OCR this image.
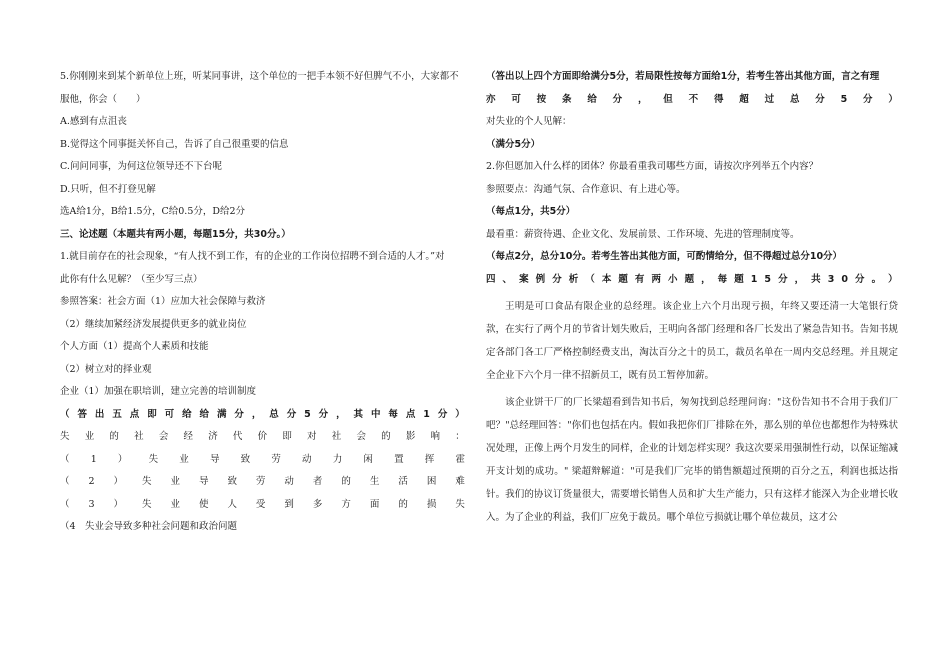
5.你刚刚来到某个新单位上班，听某同事讲，这个单位的一把手本领不好但脾气不小，大家都不

服他，你会（　　）

A.感到有点沮丧

B.觉得这个同事挺关怀自己，告诉了自己很重要的信息

C.问问同事，为何这位领导还不下台呢

D.只听，但不打登见解

选A给1分，B给1.5分，C给0.5分，D给2分

三、论述题（本题共有两小题，每题15分，共30分。）

1.就目前存在的社会现象，“有人找不到工作，有的企业的工作岗位招聘不到合适的人才。”对

此你有什么见解？（至少写三点）

参照答案：社会方面（1）应加大社会保障与救济

（2）继续加紧经济发展提供更多的就业岗位

个人方面（1）提高个人素质和技能

（2）树立对的择业观

企业（1）加强在职培训，建立完善的培训制度

（ 答 出 五 点 即 可 给 给 满 分 ， 总 分 5 分 ， 其 中 每 点 1 分 ）

失 业 的 社 会 经 济 代 价 即 对 社 会 的 影 响 ：

（ 1 ） 失 业 导 致 劳 动 力 闲 置 挥 霍

（ 2 ） 失 业 导 致 劳 动 者 的 生 活 困 难

（ 3 ） 失 业 使 人 受 到 多 方 面 的 损 失

（4　失业会导致多种社会问题和政治问题

（答出以上四个方面即给满分5分，若局限性按每方面给1分，若考生答出其他方面，言之有理

亦 可 按 条 给 分 ， 但 不 得 超 过 总 分 5 分 ）

对失业的个人见解：

（满分5分）

2.你但愿加入什么样的团体？你最看重我司哪些方面，请按次序列举五个内容？

参照要点：沟通气氛、合作意识、有上进心等。

（每点1分，共5分）

最看重：薪资待遇、企业文化、发展前景、工作环境、先进的管理制度等。

（每点2分，总分10分。若考生答出其他方面，可酌情给分，但不得超过总分10分）

四 、 案 例 分 析 （ 本 题 有 两 小 题 ， 每 题 1 5 分 ， 共 3 0 分 。 ）

王明是可口食品有限企业的总经理。该企业上六个月出现亏损，年终又要还清一大笔银行贷款，在实行了两个月的节省计划失败后，王明向各部门经理和各厂长发出了紧急告知书。告知书规定各部门各工厂严格控制经费支出，淘汰百分之十的员工，裁员名单在一周内交总经理。并且规定全企业下六个月一律不招新员工，既有员工暂停加薪。

该企业饼干厂的厂长梁超看到告知书后，匆匆找到总经理问询："这份告知书不合用于我们厂吧？"总经理回答："你们也包括在内。假如我把你们厂排除在外，那么别的单位也都想作为特殊状况处理，正像上两个月发生的同样，企业的计划怎样实现？我这次要采用强制性行动，以保证缩减开支计划的成功。" 梁超辩解道："可是我们厂完毕的销售额超过预期的百分之五，利润也抵达指针。我们的协议订货量很大，需要增长销售人员和扩大生产能力，只有这样才能深入为企业增长收入。为了企业的利益，我们厂应免于裁员。哪个单位亏损就让哪个单位裁员，这才公
